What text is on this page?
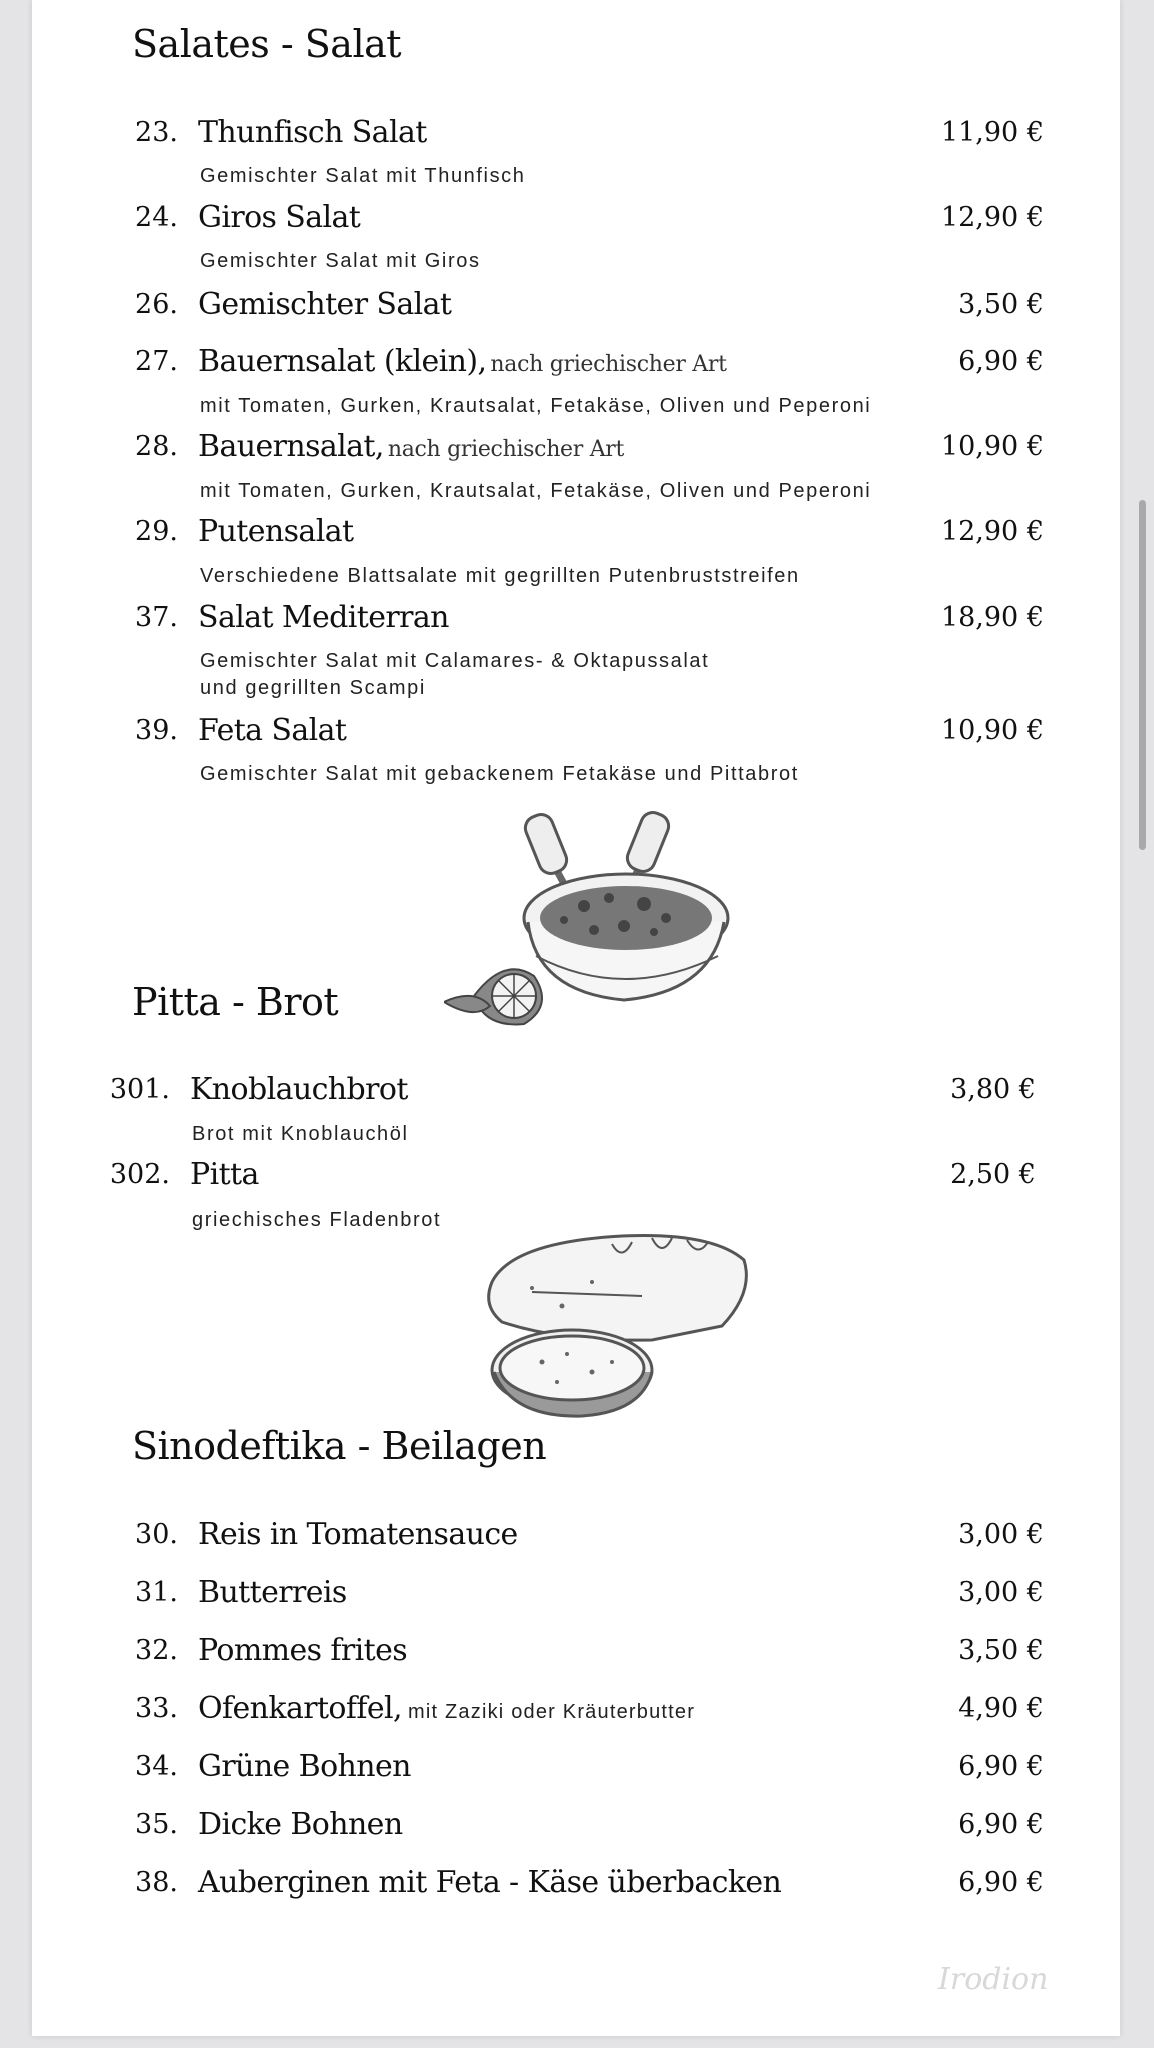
Salates - Salat
23. Thunfisch Salat	11,90 €
Gemischter Salat mit Thunfisch
24. Giros Salat	12,90 €
Gemischter Salat mit Giros
26. Gemischter Salat	3,50 €
27. Bauernsalat (klein), nach griechischer Art	6,90 €
mit Tomaten, Gurken, Krautsalat, Fetakäse, Oliven und Peperoni
28. Bauernsalat, nach griechischer Art	10,90 €
mit Tomaten, Gurken, Krautsalat, Fetakäse, Oliven und Peperoni
29. Putensalat	12,90 €
Verschiedene Blattsalate mit gegrillten Putenbruststreifen
37. Salat Mediterran	18,90 €
Gemischter Salat mit Calamares- & Oktapussalat
und gegrillten Scampi
39. Feta Salat	10,90 €
Gemischter Salat mit gebackenem Fetakäse und Pittabrot
Pitta - Brot
301. Knoblauchbrot	3,80 €
Brot mit Knoblauchöl
302. Pitta	2,50 €
griechisches Fladenbrot
Sinodeftika - Beilagen
30. Reis in Tomatensauce	3,00 €
31. Butterreis	3,00 €
32. Pommes frites	3,50 €
33. Ofenkartoffel, mit Zaziki oder Kräuterbutter	4,90 €
34. Grüne Bohnen	6,90 €
35. Dicke Bohnen	6,90 €
38. Auberginen mit Feta - Käse überbacken	6,90 €
Irodion
